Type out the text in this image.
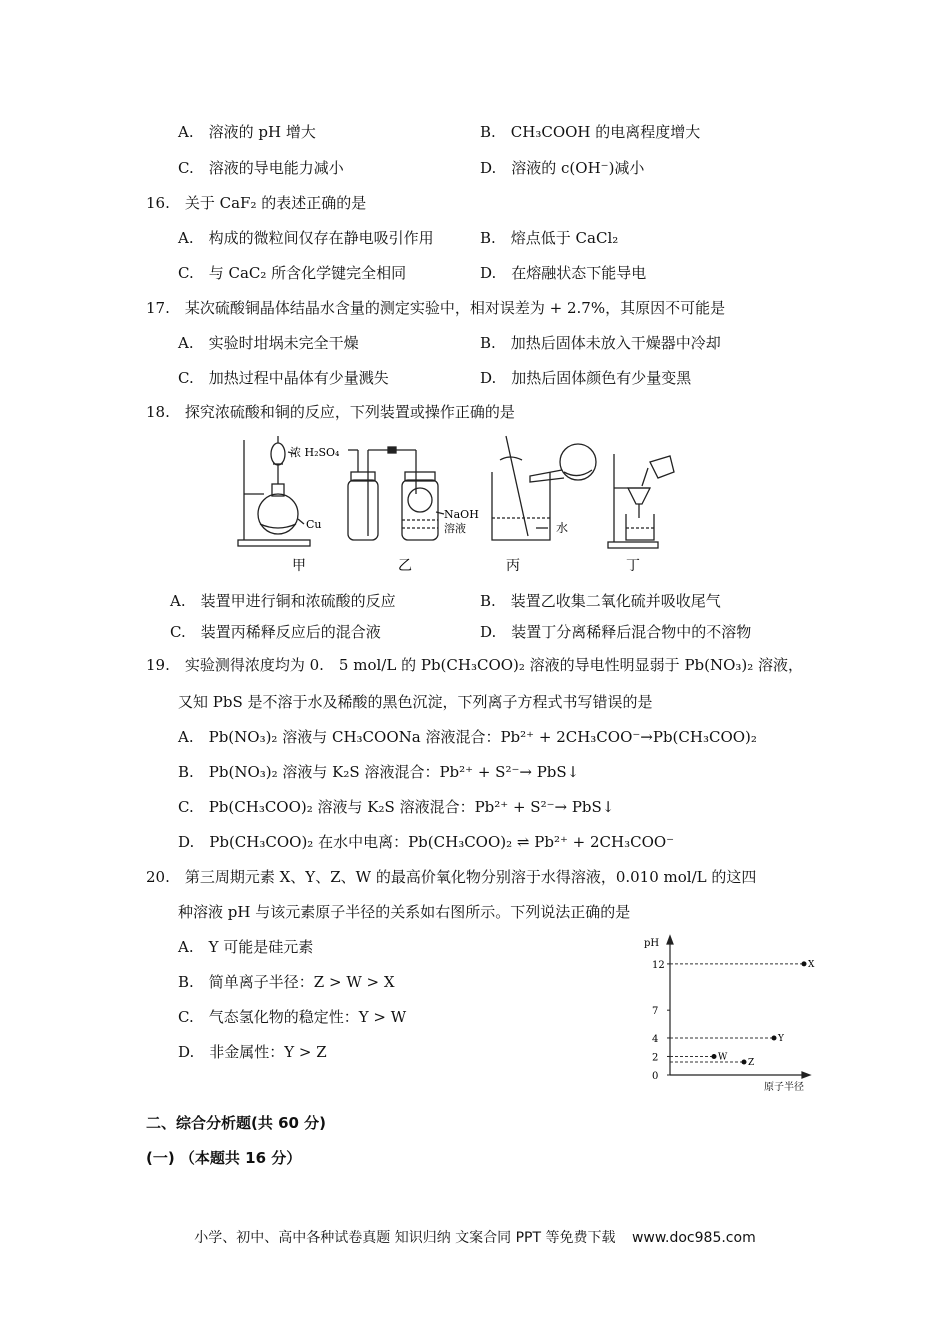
A.　溶液的 pH 增大	B.　CH₃COOH 的电离程度增大
C.　溶液的导电能力减小	D.　溶液的 c(OH⁻)减小
16.　关于 CaF₂ 的表述正确的是
A.　构成的微粒间仅存在静电吸引作用	B.　熔点低于 CaCl₂
C.　与 CaC₂ 所含化学键完全相同	D.　在熔融状态下能导电
17.　某次硫酸铜晶体结晶水含量的测定实验中，相对误差为 + 2.7%，其原因不可能是
A.　实验时坩埚未完全干燥	B.　加热后固体未放入干燥器中冷却
C.　加热过程中晶体有少量溅失	D.　加热后固体颜色有少量变黑
18.　探究浓硫酸和铜的反应，下列装置或操作正确的是
浓 H₂SO₄
Cu
NaOH
溶液	水
甲	乙	丙	丁
A.　装置甲进行铜和浓硫酸的反应	B.　装置乙收集二氧化硫并吸收尾气
C.　装置丙稀释反应后的混合液	D.　装置丁分离稀释后混合物中的不溶物
19.　实验测得浓度均为 0.　5 mol/L 的 Pb(CH₃COO)₂ 溶液的导电性明显弱于 Pb(NO₃)₂ 溶液，
又知 PbS 是不溶于水及稀酸的黑色沉淀，下列离子方程式书写错误的是
A.　Pb(NO₃)₂ 溶液与 CH₃COONa 溶液混合：Pb²⁺ + 2CH₃COO⁻→Pb(CH₃COO)₂
B.　Pb(NO₃)₂ 溶液与 K₂S 溶液混合：Pb²⁺ + S²⁻→ PbS↓
C.　Pb(CH₃COO)₂ 溶液与 K₂S 溶液混合：Pb²⁺ + S²⁻→ PbS↓
D.　Pb(CH₃COO)₂ 在水中电离：Pb(CH₃COO)₂ ⇌ Pb²⁺ + 2CH₃COO⁻
20.　第三周期元素 X、Y、Z、W 的最高价氧化物分别溶于水得溶液，0.010 mol/L 的这四
种溶液 pH 与该元素原子半径的关系如右图所示。下列说法正确的是
A.　Y 可能是硅元素
B.　简单离子半径：Z > W > X
C.　气态氢化物的稳定性：Y > W
D.　非金属性：Y > Z
pH
原子半径
12
7
4
2
0
X
Y
W
Z
二、综合分析题(共 60 分)
(一) （本题共 16 分）
小学、初中、高中各种试卷真题 知识归纳 文案合同 PPT 等免费下载 www.doc985.com
